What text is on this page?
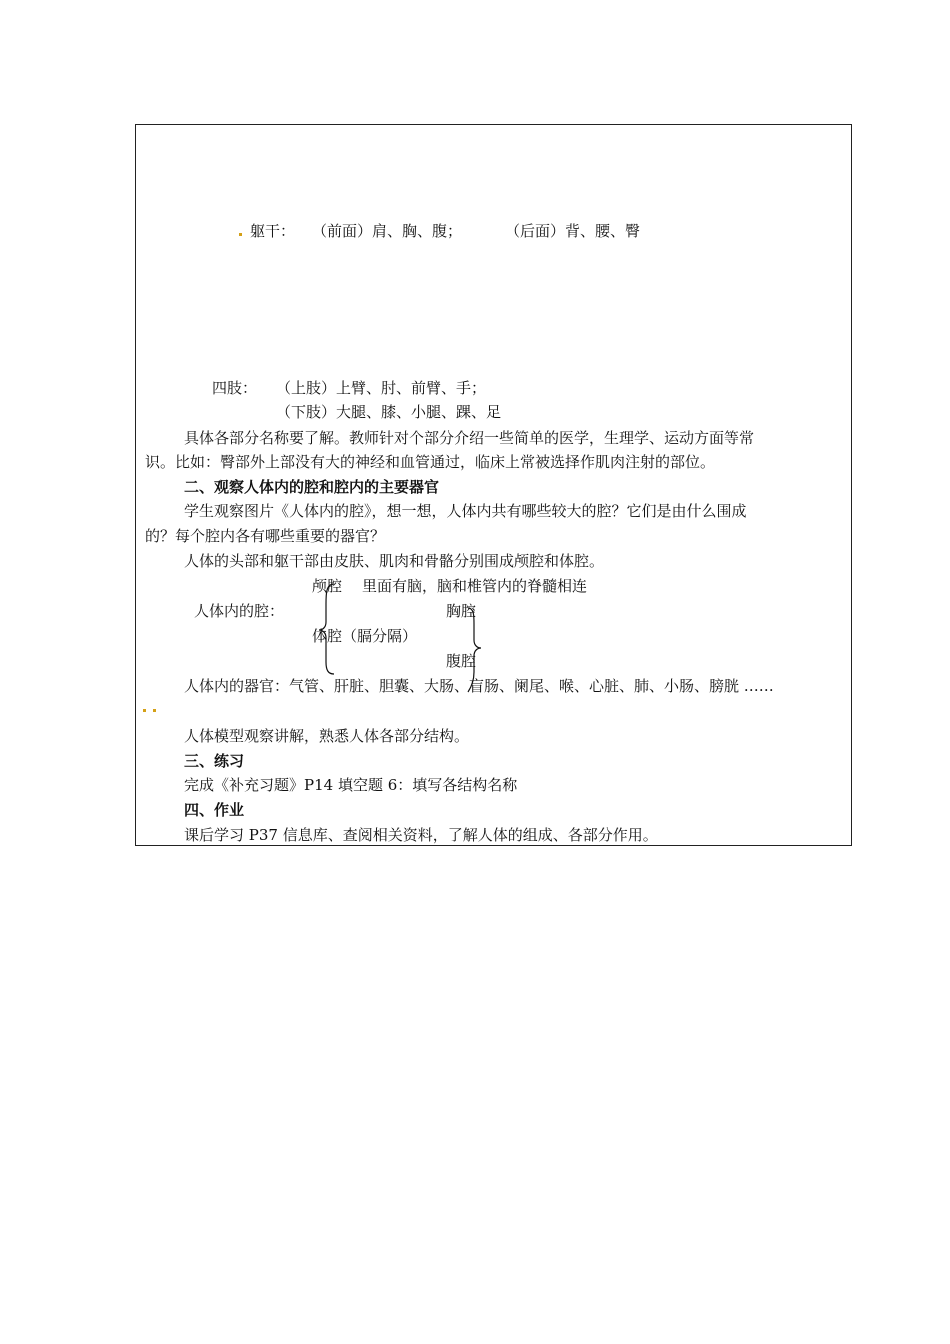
躯干： （前面）肩、胸、腹；	（后面）背、腰、臀
四肢： （上肢）上臂、肘、前臂、手；
（下肢）大腿、膝、小腿、踝、足
具体各部分名称要了解。教师针对个部分介绍一些简单的医学，生理学、运动方面等常
识。比如：臀部外上部没有大的神经和血管通过，临床上常被选择作肌肉注射的部位。
二、观察人体内的腔和腔内的主要器官
学生观察图片《人体内的腔》，想一想，人体内共有哪些较大的腔？它们是由什么围成
的？每个腔内各有哪些重要的器官？
人体的头部和躯干部由皮肤、肌肉和骨骼分别围成颅腔和体腔。
颅腔 里面有脑，脑和椎管内的脊髓相连
人体内的腔：	胸腔
体腔（膈分隔）
腹腔
人体内的器官：气管、肝脏、胆囊、大肠、盲肠、阑尾、喉、心脏、肺、小肠、膀胱 ……
人体模型观察讲解，熟悉人体各部分结构。
三、练习
完成《补充习题》P14 填空题 6：填写各结构名称
四、作业
课后学习 P37 信息库、查阅相关资料，了解人体的组成、各部分作用。
